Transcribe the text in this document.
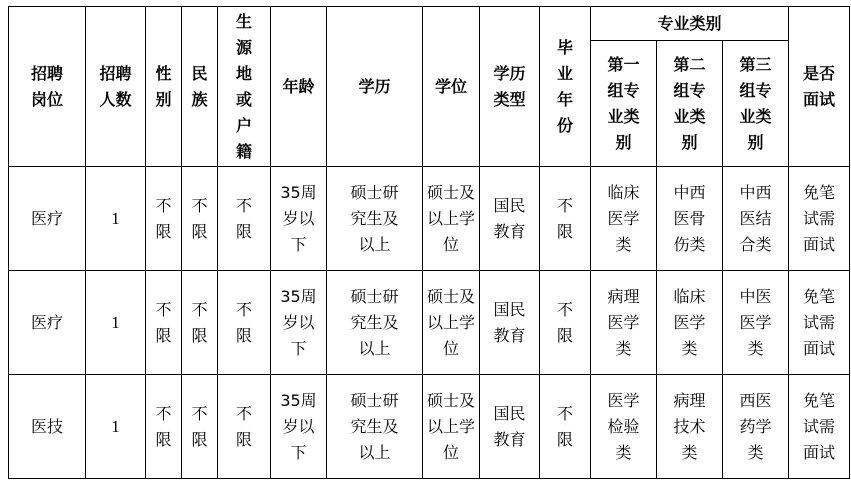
招聘岗位	招聘人数	性别	民族	生源地或户籍	年龄	学历	学位	学历类型	毕业年份	专业类别			是否面试
										第一组专业类别	第二组专业类别	第三组专业类别	
医疗	1	不限	不限	不限	35周岁以下	硕士研究生及以上	硕士及以上学位	国民教育	不限	临床医学类	中西医骨伤类	中西医结合类	免笔试需面试
医疗	1	不限	不限	不限	35周岁以下	硕士研究生及以上	硕士及以上学位	国民教育	不限	病理医学类	临床医学类	中医医学类	免笔试需面试
医技	1	不限	不限	不限	35周岁以下	硕士研究生及以上	硕士及以上学位	国民教育	不限	医学检验类	病理技术类	西医药学类	免笔试需面试
